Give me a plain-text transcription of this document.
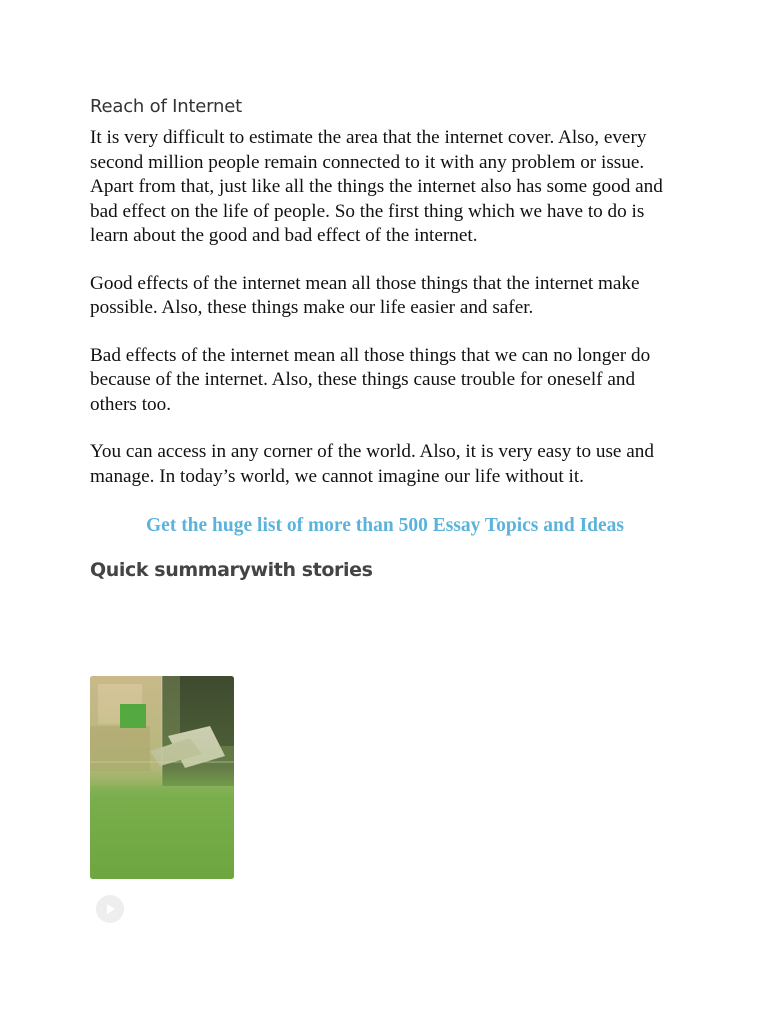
Reach of Internet

It is very difficult to estimate the area that the internet cover. Also, every second million people remain connected to it with any problem or issue. Apart from that, just like all the things the internet also has some good and bad effect on the life of people. So the first thing which we have to do is learn about the good and bad effect of the internet.

Good effects of the internet mean all those things that the internet make possible. Also, these things make our life easier and safer.

Bad effects of the internet mean all those things that we can no longer do because of the internet. Also, these things cause trouble for oneself and others too.

You can access in any corner of the world. Also, it is very easy to use and manage. In today’s world, we cannot imagine our life without it.

Get the huge list of more than 500 Essay Topics and Ideas
Quick summarywith stories
